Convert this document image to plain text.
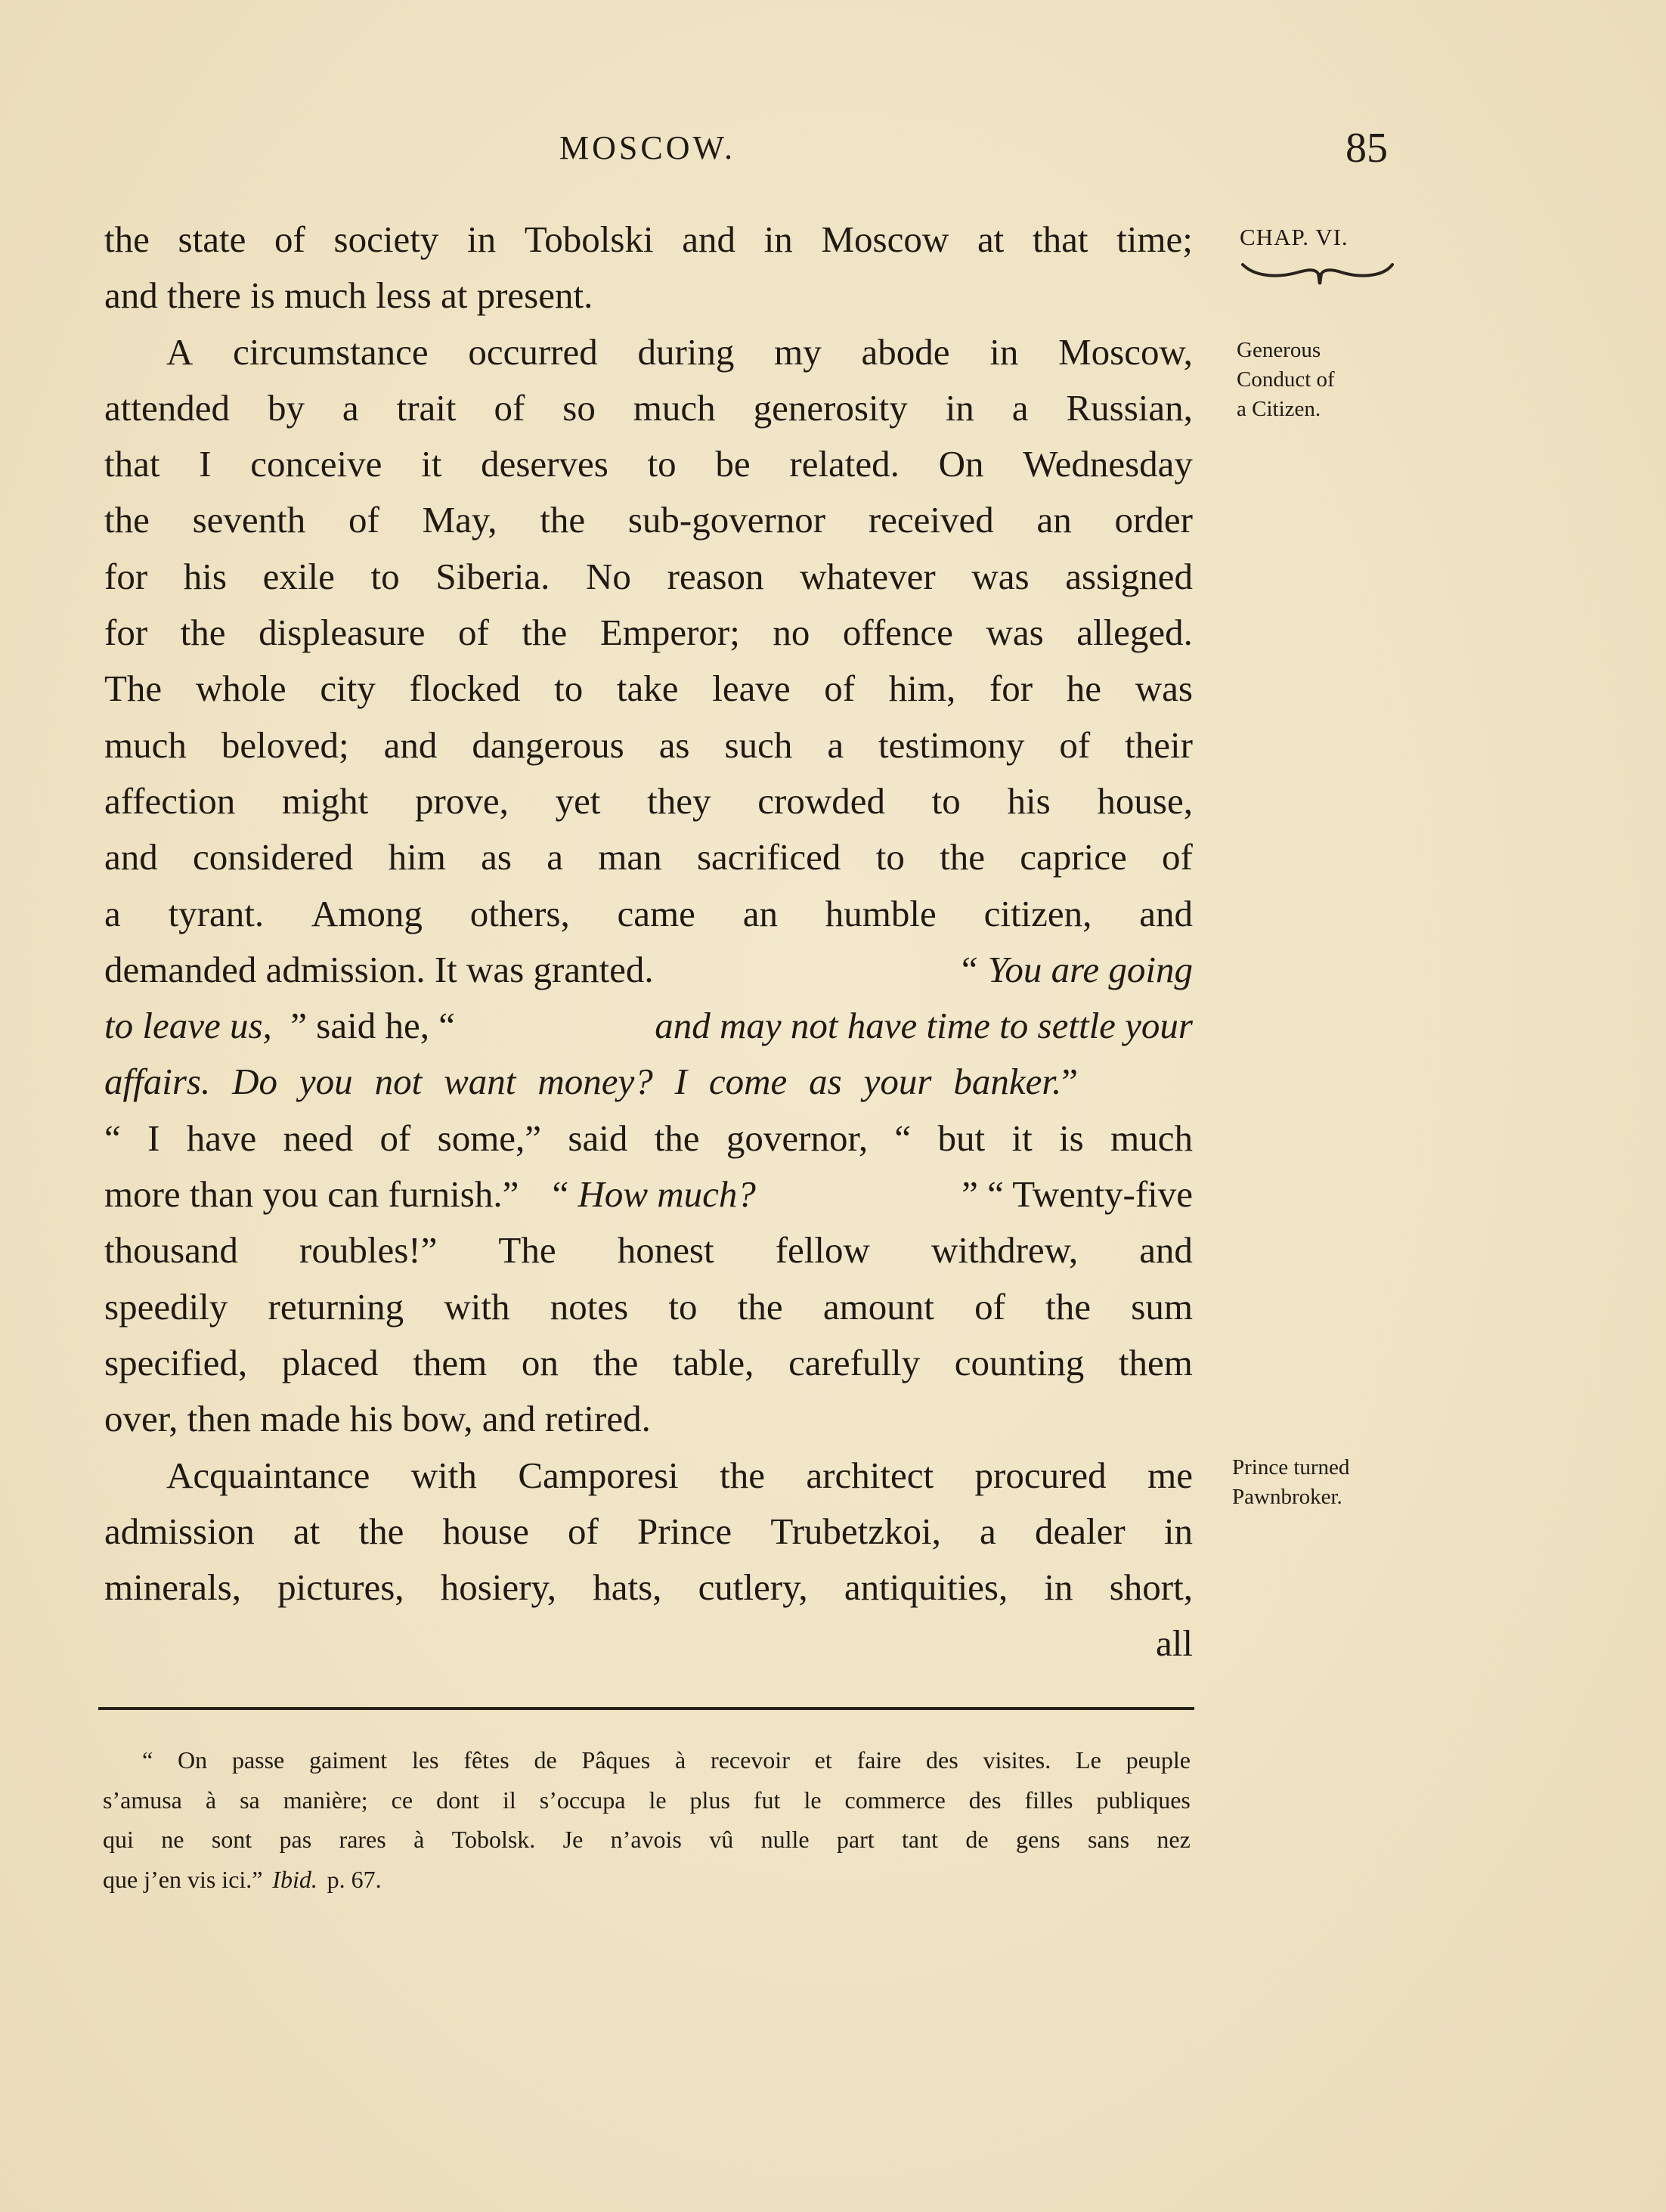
MOSCOW.	85
CHAP. VI.
Generous
Conduct of
a Citizen.
Prince turned
Pawnbroker.
the state of society in Tobolski and in Moscow at that time;
and there is much less at present.
A circumstance occurred during my abode in Moscow,
attended by a trait of so much generosity in a Russian,
that I conceive it deserves to be related. On Wednesday
the seventh of May, the sub-governor received an order
for his exile to Siberia. No reason whatever was assigned
for the displeasure of the Emperor; no offence was alleged.
The whole city flocked to take leave of him, for he was
much beloved; and dangerous as such a testimony of their
affection might prove, yet they crowded to his house,
and considered him as a man sacrificed to the caprice of
a tyrant. Among others, came an humble citizen, and
demanded admission. It was granted.	“ You are going
to leave us, ” said he, “	and may not have time to settle your
affairs. Do you not want money? I come as your banker. ”
“ I have need of some,” said the governor, “ but it is much
more than you can furnish.” “ How much?	” “ Twenty-five
thousand roubles!” The honest fellow withdrew, and
speedily returning with notes to the amount of the sum
specified, placed them on the table, carefully counting them
over, then made his bow, and retired.
Acquaintance with Camporesi the architect procured me
admission at the house of Prince Trubetzkoi, a dealer in
minerals, pictures, hosiery, hats, cutlery, antiquities, in short,
all
“ On passe gaiment les fêtes de Pâques à recevoir et faire des visites. Le peuple
s’amusa à sa manière; ce dont il s’occupa le plus fut le commerce des filles publiques
qui ne sont pas rares à Tobolsk. Je n’avois vû nulle part tant de gens sans nez
que j’en vis ici.” Ibid. p. 67.
